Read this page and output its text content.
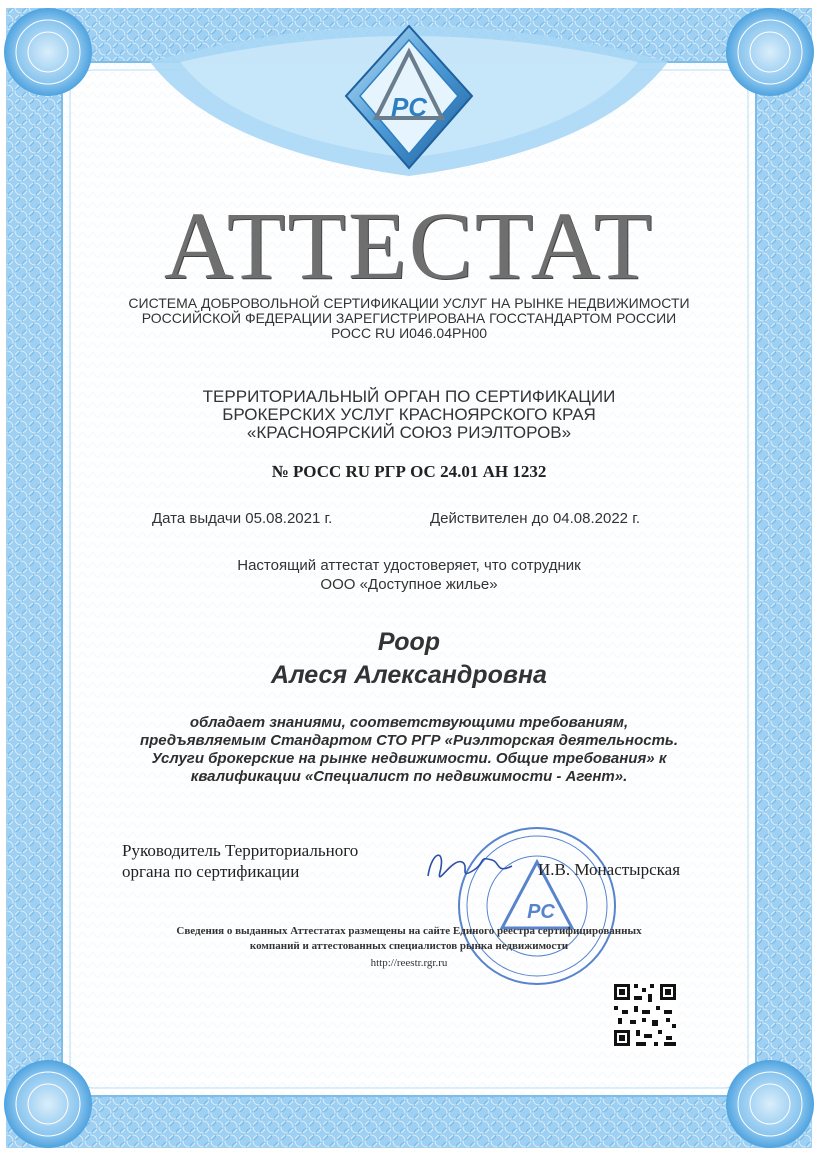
РС
РС
АТТЕСТАТ
СИСТЕМА ДОБРОВОЛЬНОЙ СЕРТИФИКАЦИИ УСЛУГ НА РЫНКЕ НЕДВИЖИМОСТИ
РОССИЙСКОЙ ФЕДЕРАЦИИ ЗАРЕГИСТРИРОВАНА ГОССТАНДАРТОМ РОССИИ
РОСС RU И046.04РН00
ТЕРРИТОРИАЛЬНЫЙ ОРГАН ПО СЕРТИФИКАЦИИ
БРОКЕРСКИХ УСЛУГ КРАСНОЯРСКОГО КРАЯ
«КРАСНОЯРСКИЙ СОЮЗ РИЭЛТОРОВ»
№ РОСС RU РГР ОС 24.01 АН 1232
Дата выдачи 05.08.2021 г.	Действителен до 04.08.2022 г.
Настоящий аттестат удостоверяет, что сотрудник
ООО «Доступное жилье»
Роор
Алеся Александровна
обладает знаниями, соответствующими требованиям,
предъявляемым Стандартом СТО РГР «Риэлторская деятельность.
Услуги брокерские на рынке недвижимости. Общие требования» к
квалификации «Специалист по недвижимости - Агент».
Руководитель Территориального
органа по сертификации	И.В. Монастырская
Сведения о выданных Аттестатах размещены на сайте Единого реестра сертифицированных
компаний и аттестованных специалистов рынка недвижимости
http://reestr.rgr.ru
